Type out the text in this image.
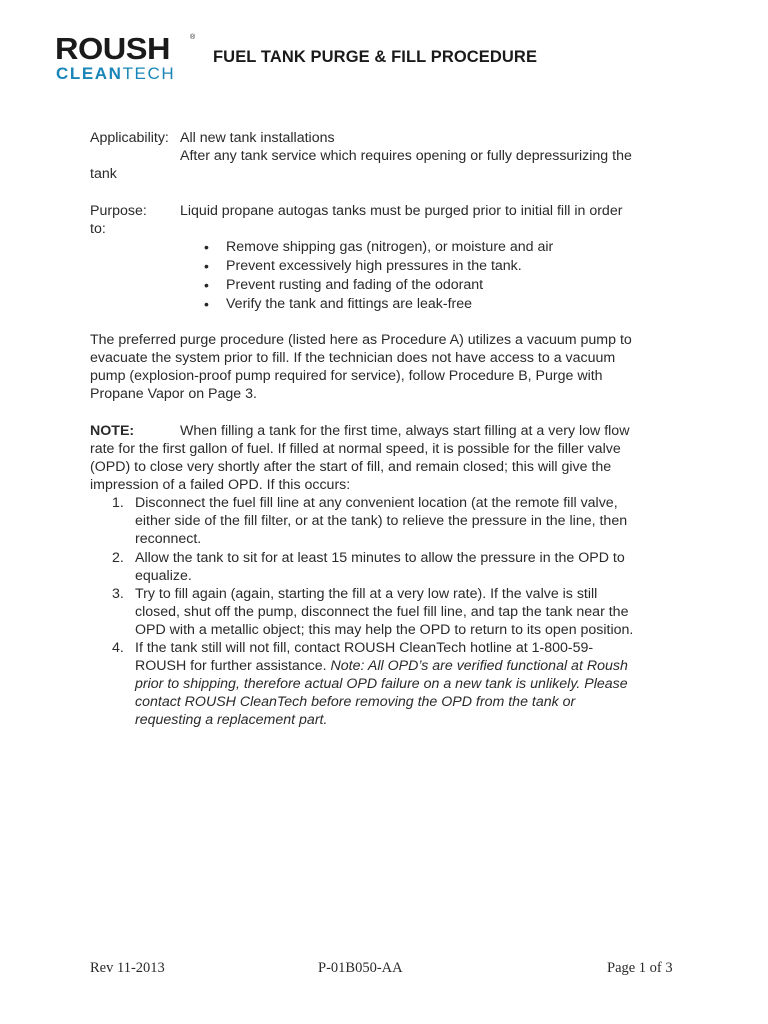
ROUSH	®
CLEANTECH
FUEL TANK PURGE & FILL PROCEDURE
Applicability: All new tank installations
After any tank service which requires opening or fully depressurizing the
tank
Purpose: Liquid propane autogas tanks must be purged prior to initial fill in order
to:
• Remove shipping gas (nitrogen), or moisture and air
• Prevent excessively high pressures in the tank.
• Prevent rusting and fading of the odorant
• Verify the tank and fittings are leak-free
The preferred purge procedure (listed here as Procedure A) utilizes a vacuum pump to
evacuate the system prior to fill. If the technician does not have access to a vacuum
pump (explosion-proof pump required for service), follow Procedure B, Purge with
Propane Vapor on Page 3.
NOTE:	When filling a tank for the first time, always start filling at a very low flow
rate for the first gallon of fuel. If filled at normal speed, it is possible for the filler valve
(OPD) to close very shortly after the start of fill, and remain closed; this will give the
impression of a failed OPD. If this occurs:
1. Disconnect the fuel fill line at any convenient location (at the remote fill valve,
either side of the fill filter, or at the tank) to relieve the pressure in the line, then
reconnect.
2. Allow the tank to sit for at least 15 minutes to allow the pressure in the OPD to
equalize.
3. Try to fill again (again, starting the fill at a very low rate). If the valve is still
closed, shut off the pump, disconnect the fuel fill line, and tap the tank near the
OPD with a metallic object; this may help the OPD to return to its open position.
4. If the tank still will not fill, contact ROUSH CleanTech hotline at 1-800-59-
ROUSH for further assistance. Note: All OPD’s are verified functional at Roush
prior to shipping, therefore actual OPD failure on a new tank is unlikely. Please
contact ROUSH CleanTech before removing the OPD from the tank or
requesting a replacement part.
Rev 11-2013	P-01B050-AA	Page 1 of 3
